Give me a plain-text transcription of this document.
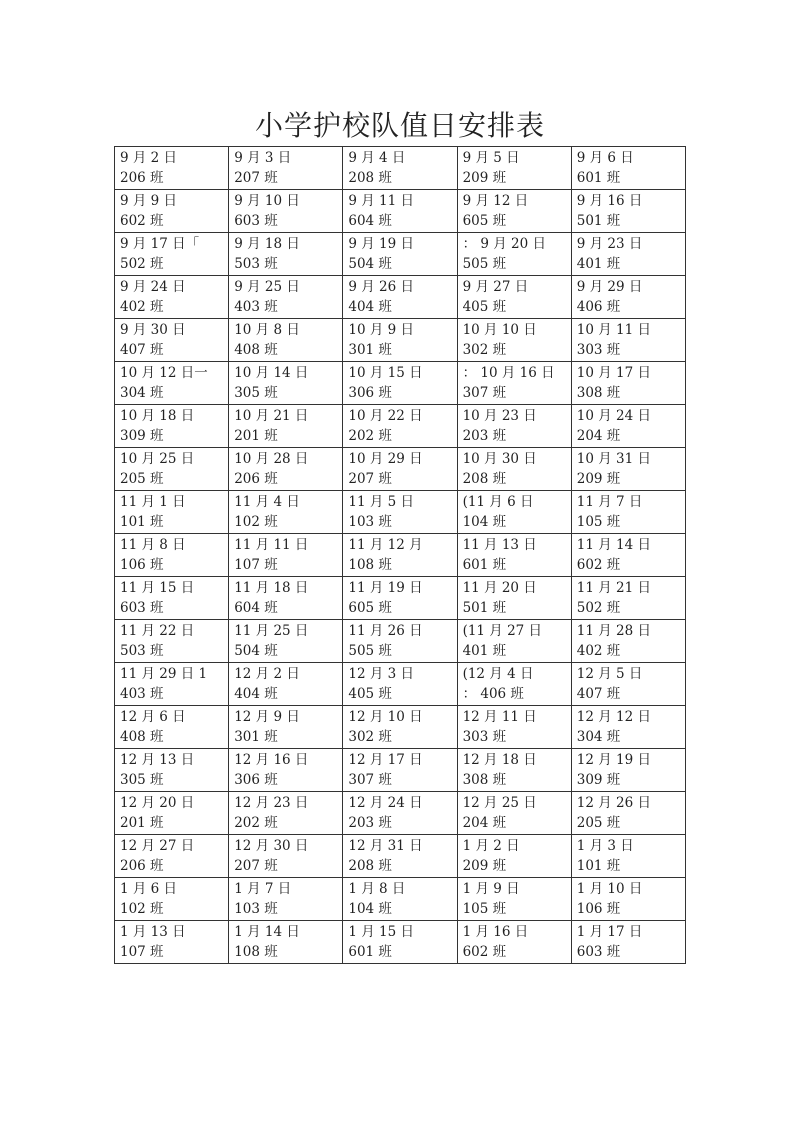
小学护校队值日安排表
9 月 2 日
206 班	9 月 3 日
207 班	9 月 4 日
208 班	9 月 5 日
209 班	9 月 6 日
601 班

9 月 9 日
602 班	9 月 10 日
603 班	9 月 11 日
604 班	9 月 12 日
605 班	9 月 16 日
501 班

9 月 17 日「
502 班	9 月 18 日
503 班	9 月 19 日
504 班	： 9 月 20 日
505 班	9 月 23 日
401 班

9 月 24 日
402 班	9 月 25 日
403 班	9 月 26 日
404 班	9 月 27 日
405 班	9 月 29 日
406 班

9 月 30 日
407 班	10 月 8 日
408 班	10 月 9 日
301 班	10 月 10 日
302 班	10 月 11 日
303 班

10 月 12 日一
304 班	10 月 14 日
305 班	10 月 15 日
306 班	： 10 月 16 日
307 班	10 月 17 日
308 班

10 月 18 日
309 班	10 月 21 日
201 班	10 月 22 日
202 班	10 月 23 日
203 班	10 月 24 日
204 班

10 月 25 日
205 班	10 月 28 日
206 班	10 月 29 日
207 班	10 月 30 日
208 班	10 月 31 日
209 班

11 月 1 日
101 班	11 月 4 日
102 班	11 月 5 日
103 班	(11 月 6 日
104 班	11 月 7 日
105 班

11 月 8 日
106 班	11 月 11 日
107 班	11 月 12 月
108 班	11 月 13 日
601 班	11 月 14 日
602 班

11 月 15 日
603 班	11 月 18 日
604 班	11 月 19 日
605 班	11 月 20 日
501 班	11 月 21 日
502 班

11 月 22 日
503 班	11 月 25 日
504 班	11 月 26 日
505 班	(11 月 27 日
401 班	11 月 28 日
402 班

11 月 29 日 1
403 班	12 月 2 日
404 班	12 月 3 日
405 班	(12 月 4 日
： 406 班	12 月 5 日
407 班

12 月 6 日
408 班	12 月 9 日
301 班	12 月 10 日
302 班	12 月 11 日
303 班	12 月 12 日
304 班

12 月 13 日
305 班	12 月 16 日
306 班	12 月 17 日
307 班	12 月 18 日
308 班	12 月 19 日
309 班

12 月 20 日
201 班	12 月 23 日
202 班	12 月 24 日
203 班	12 月 25 日
204 班	12 月 26 日
205 班

12 月 27 日
206 班	12 月 30 日
207 班	12 月 31 日
208 班	1 月 2 日
209 班	1 月 3 日
101 班

1 月 6 日
102 班	1 月 7 日
103 班	1 月 8 日
104 班	1 月 9 日
105 班	1 月 10 日
106 班

1 月 13 日
107 班	1 月 14 日
108 班	1 月 15 日
601 班	1 月 16 日
602 班	1 月 17 日
603 班
